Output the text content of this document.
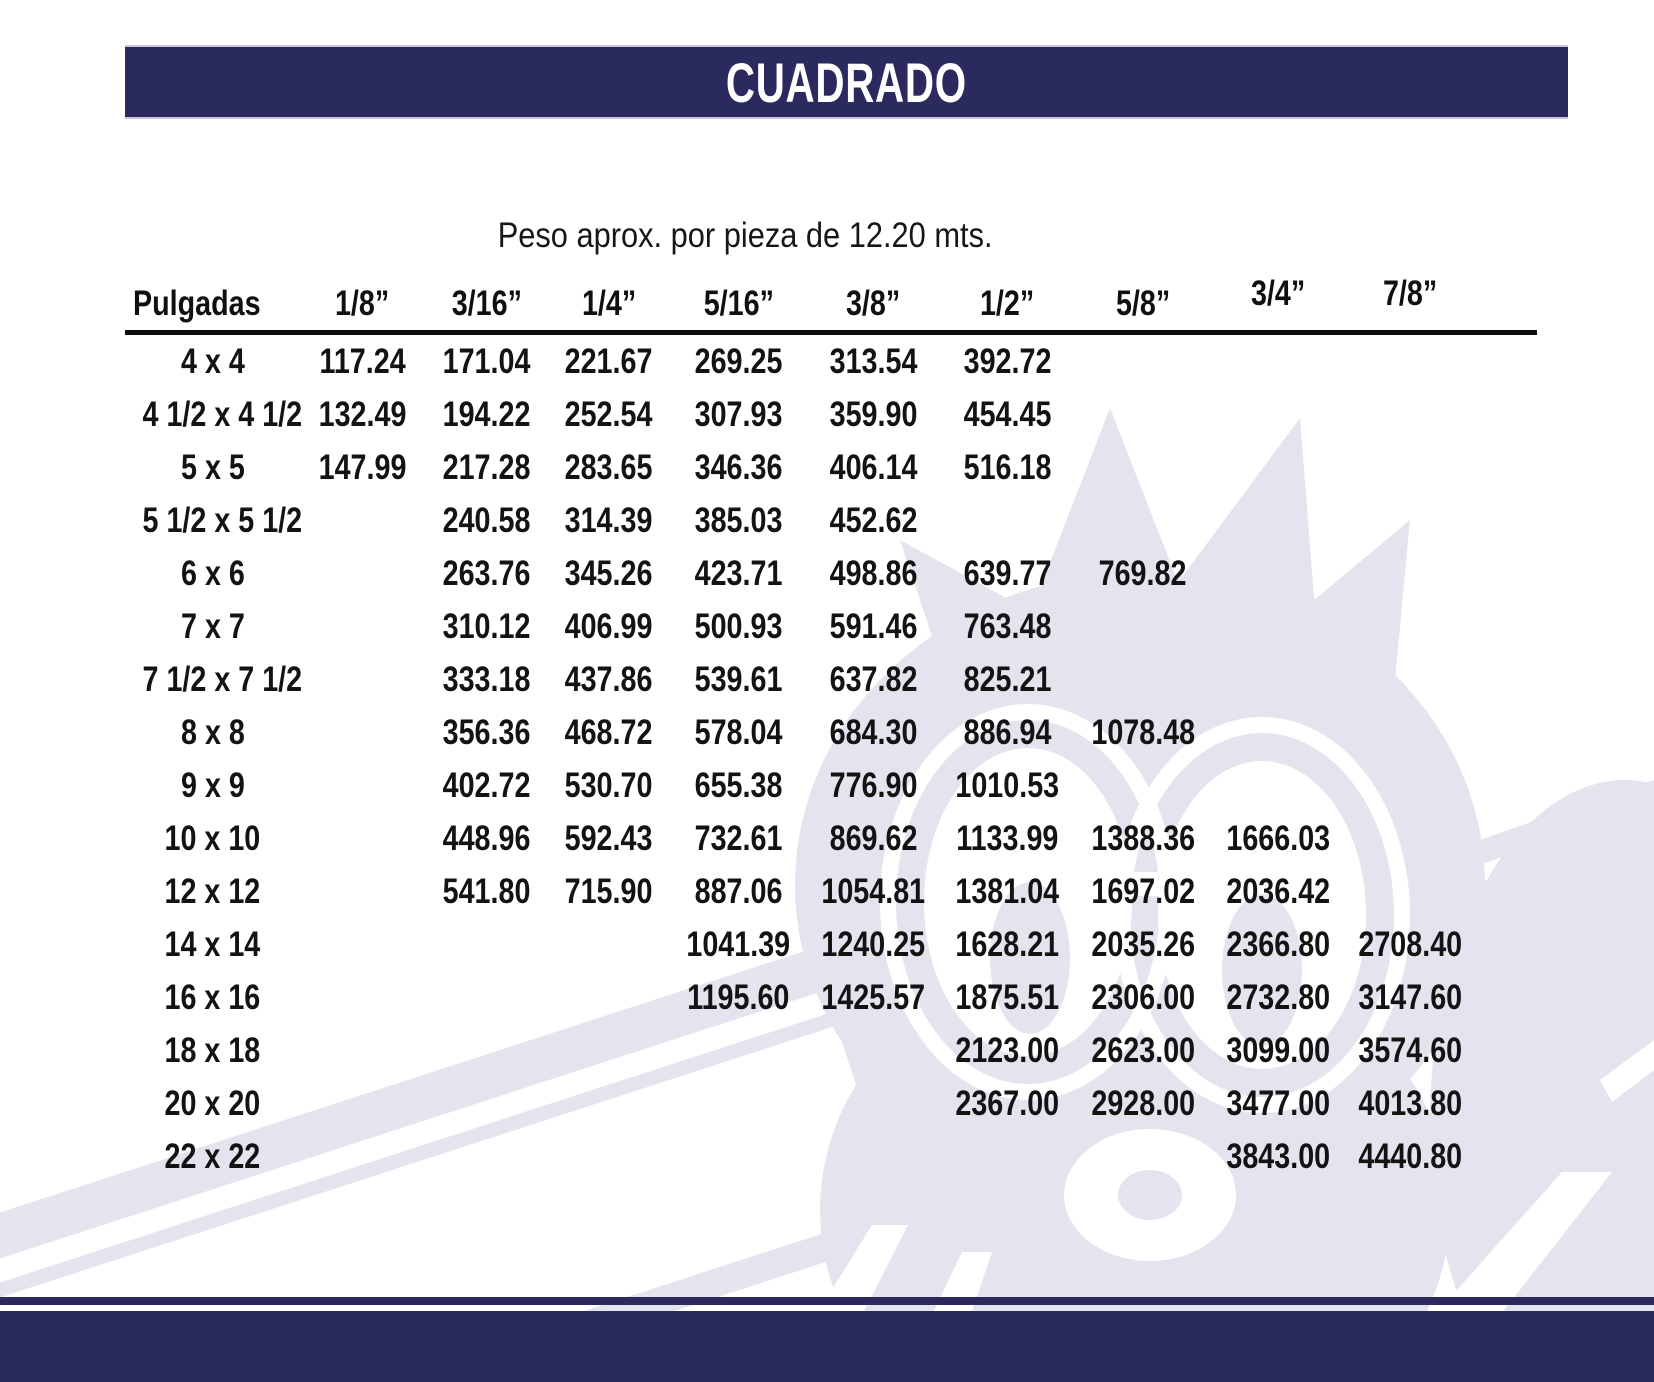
CUADRADO
Peso aprox. por pieza de 12.20 mts.
Pulgadas	1/8”	3/16”	1/4”	5/16”	3/8”	1/2”	5/8”	3/4”	7/8”	
4 x 4	117.24	171.04	221.67	269.25	313.54	392.72				
4 1/2 x 4 1/2	132.49	194.22	252.54	307.93	359.90	454.45				
5 x 5	147.99	217.28	283.65	346.36	406.14	516.18				
5 1/2 x 5 1/2		240.58	314.39	385.03	452.62					
6 x 6		263.76	345.26	423.71	498.86	639.77	769.82			
7 x 7		310.12	406.99	500.93	591.46	763.48				
7 1/2 x 7 1/2		333.18	437.86	539.61	637.82	825.21				
8 x 8		356.36	468.72	578.04	684.30	886.94	1078.48			
9 x 9		402.72	530.70	655.38	776.90	1010.53				
10 x 10		448.96	592.43	732.61	869.62	1133.99	1388.36	1666.03		
12 x 12		541.80	715.90	887.06	1054.81	1381.04	1697.02	2036.42		
14 x 14				1041.39	1240.25	1628.21	2035.26	2366.80	2708.40	
16 x 16				1195.60	1425.57	1875.51	2306.00	2732.80	3147.60	
18 x 18						2123.00	2623.00	3099.00	3574.60	
20 x 20						2367.00	2928.00	3477.00	4013.80	
22 x 22								3843.00	4440.80	
